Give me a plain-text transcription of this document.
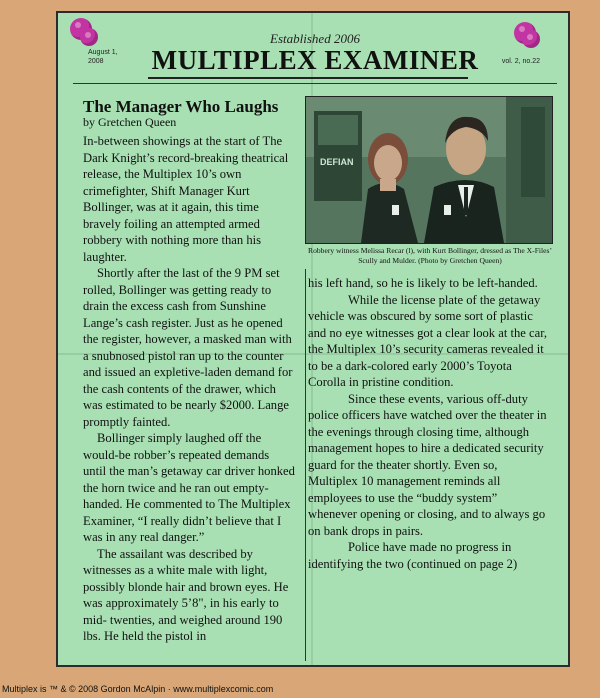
Established 2006
MULTIPLEX EXAMINER
August 1,
2008	vol. 2, no.22
The Manager Who Laughs
by Gretchen Queen

In-between showings at the start of The Dark Knight’s record-breaking theatrical release, the Multiplex 10’s own crimefighter, Shift Manager Kurt Bollinger, was at it again, this time bravely foiling an attempted armed robbery with nothing more than his laughter.

Shortly after the last of the 9 PM set rolled, Bollinger was getting ready to drain the excess cash from Sunshine Lange’s cash register. Just as he opened the register, however, a masked man with a snubnosed pistol ran up to the counter and issued an expletive-laden demand for the cash contents of the drawer, which was estimated to be nearly $2000. Lange promptly fainted.

Bollinger simply laughed off the would-be robber’s repeated demands until the man’s getaway car driver honked the horn twice and he ran out empty-handed. He commented to The Multiplex Examiner, “I really didn’t believe that I was in any real danger.”

The assailant was described by witnesses as a white male with light, possibly blonde hair and brown eyes. He was approximately 5’8", in his early to mid- twenties, and weighed around 190 lbs. He held the pistol in

DEFIAN
Robbery witness Melissa Recar (l), with Kurt Bollinger, dressed as The X-Files’ Scully and Mulder. (Photo by Gretchen Queen)

his left hand, so he is likely to be left-handed.

While the license plate of the getaway vehicle was obscured by some sort of plastic and no eye witnesses got a clear look at the car, the Multiplex 10’s security cameras revealed it to be a dark-colored early 2000’s Toyota Corolla in pristine condition.

Since these events, various off-duty police officers have watched over the theater in the evenings through closing time, although management hopes to hire a dedicated security guard for the theater shortly. Even so, Multiplex 10 management reminds all employees to use the “buddy system” whenever opening or closing, and to always go on bank drops in pairs.

Police have made no progress in identifying the two (continued on page 2)

Multiplex is ™ & © 2008 Gordon McAlpin · www.multiplexcomic.com
